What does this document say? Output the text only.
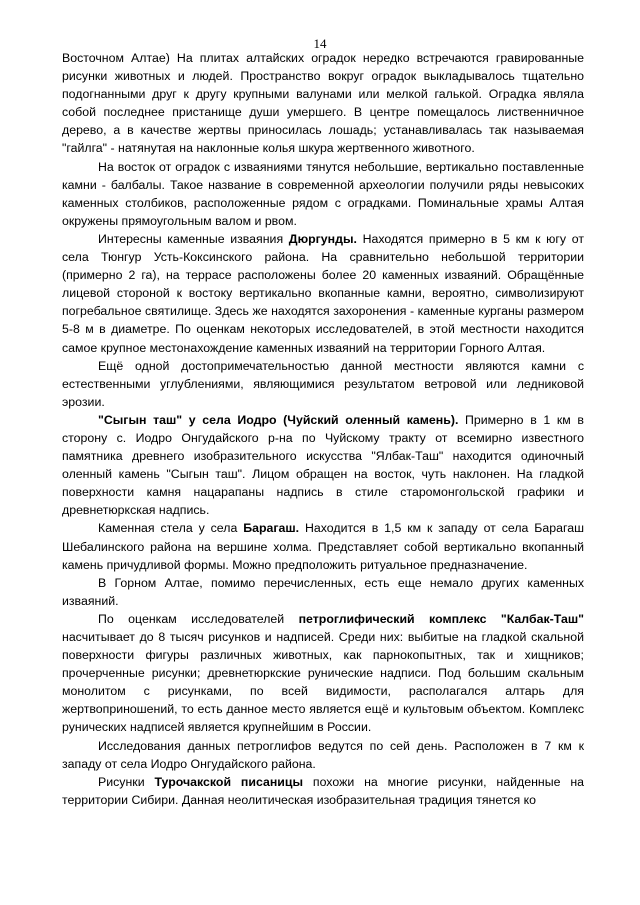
14

Восточном Алтае) На плитах алтайских оградок нередко встречаются гравированные рисунки животных и людей. Пространство вокруг оградок выкладывалось тщательно подогнанными друг к другу крупными валунами или мелкой галькой. Оградка являла собой последнее пристанище души умершего. В центре помещалось лиственничное дерево, а в качестве жертвы приносилась лошадь; устанавливалась так называемая "гайлга" - натянутая на наклонные колья шкура жертвенного животного.

На восток от оградок с изваяниями тянутся небольшие, вертикально поставленные камни - балбалы. Такое название в современной археологии получили ряды невысоких каменных столбиков, расположенные рядом с оградками. Поминальные храмы Алтая окружены прямоугольным валом и рвом.

Интересны каменные изваяния Дюргунды. Находятся примерно в 5 км к югу от села Тюнгур Усть-Коксинского района. На сравнительно небольшой территории (примерно 2 га), на террасе расположены более 20 каменных изваяний. Обращённые лицевой стороной к востоку вертикально вкопанные камни, вероятно, символизируют погребальное святилище. Здесь же находятся захоронения - каменные курганы размером 5-8 м в диаметре. По оценкам некоторых исследователей, в этой местности находится самое крупное местонахождение каменных изваяний на территории Горного Алтая.

Ещё одной достопримечательностью данной местности являются камни с естественными углублениями, являющимися результатом ветровой или ледниковой эрозии.

"Сыгын таш" у села Иодро (Чуйский оленный камень). Примерно в 1 км в сторону с. Иодро Онгудайского р-на по Чуйскому тракту от всемирно известного памятника древнего изобразительного искусства "Ялбак-Таш" находится одиночный оленный камень "Сыгын таш". Лицом обращен на восток, чуть наклонен. На гладкой поверхности камня нацарапаны надпись в стиле старомонгольской графики и древнетюркская надпись.

Каменная стела у села Барагаш. Находится в 1,5 км к западу от села Барагаш Шебалинского района на вершине холма. Представляет собой вертикально вкопанный камень причудливой формы. Можно предположить ритуальное предназначение.

В Горном Алтае, помимо перечисленных, есть еще немало других каменных изваяний.

По оценкам исследователей петроглифический комплекс "Калбак-Таш" насчитывает до 8 тысяч рисунков и надписей. Среди них: выбитые на гладкой скальной поверхности фигуры различных животных, как парнокопытных, так и хищников; прочерченные рисунки; древнетюркские рунические надписи. Под большим скальным монолитом с рисунками, по всей видимости, располагался алтарь для жертвоприношений, то есть данное место является ещё и культовым объектом. Комплекс рунических надписей является крупнейшим в России.

Исследования данных петроглифов ведутся по сей день. Расположен в 7 км к западу от села Иодро Онгудайского района.

Рисунки Турочакской писаницы похожи на многие рисунки, найденные на территории Сибири. Данная неолитическая изобразительная традиция тянется ко
